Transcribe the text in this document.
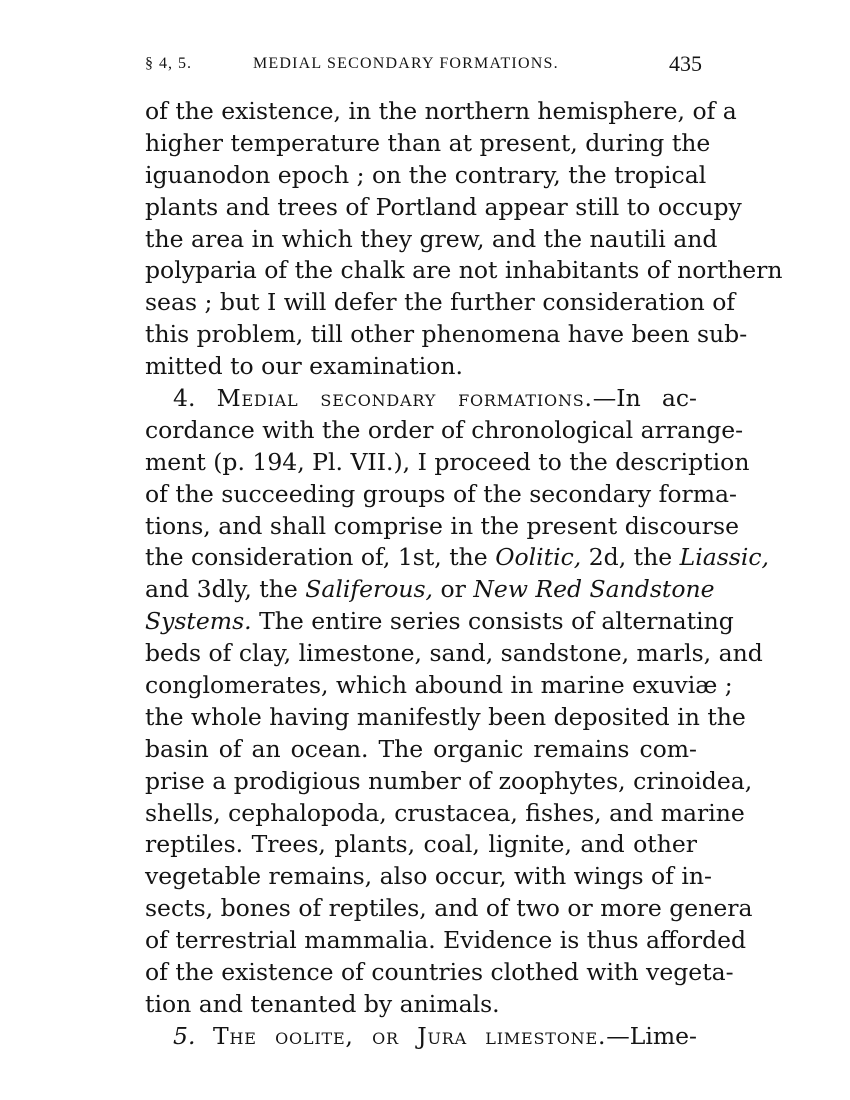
§ 4, 5.	MEDIAL SECONDARY FORMATIONS.	435
of the existence, in the northern hemisphere, of a
higher temperature than at present, during the
iguanodon epoch ; on the contrary, the tropical
plants and trees of Portland appear still to occupy
the area in which they grew, and the nautili and
polyparia of the chalk are not inhabitants of northern
seas ; but I will defer the further consideration of
this problem, till other phenomena have been sub-
mitted to our examination.
4. Medial secondary formations.—In ac-
cordance with the order of chronological arrange-
ment (p. 194, Pl. VII.), I proceed to the description
of the succeeding groups of the secondary forma-
tions, and shall comprise in the present discourse
the consideration of, 1st, the Oolitic, 2d, the Liassic,
and 3dly, the Saliferous, or New Red Sandstone
Systems. The entire series consists of alternating
beds of clay, limestone, sand, sandstone, marls, and
conglomerates, which abound in marine exuviæ ;
the whole having manifestly been deposited in the
basin of an ocean. The organic remains com-
prise a prodigious number of zoophytes, crinoidea,
shells, cephalopoda, crustacea, fishes, and marine
reptiles. Trees, plants, coal, lignite, and other
vegetable remains, also occur, with wings of in-
sects, bones of reptiles, and of two or more genera
of terrestrial mammalia. Evidence is thus afforded
of the existence of countries clothed with vegeta-
tion and tenanted by animals.
5. The oolite, or Jura limestone.—Lime-
